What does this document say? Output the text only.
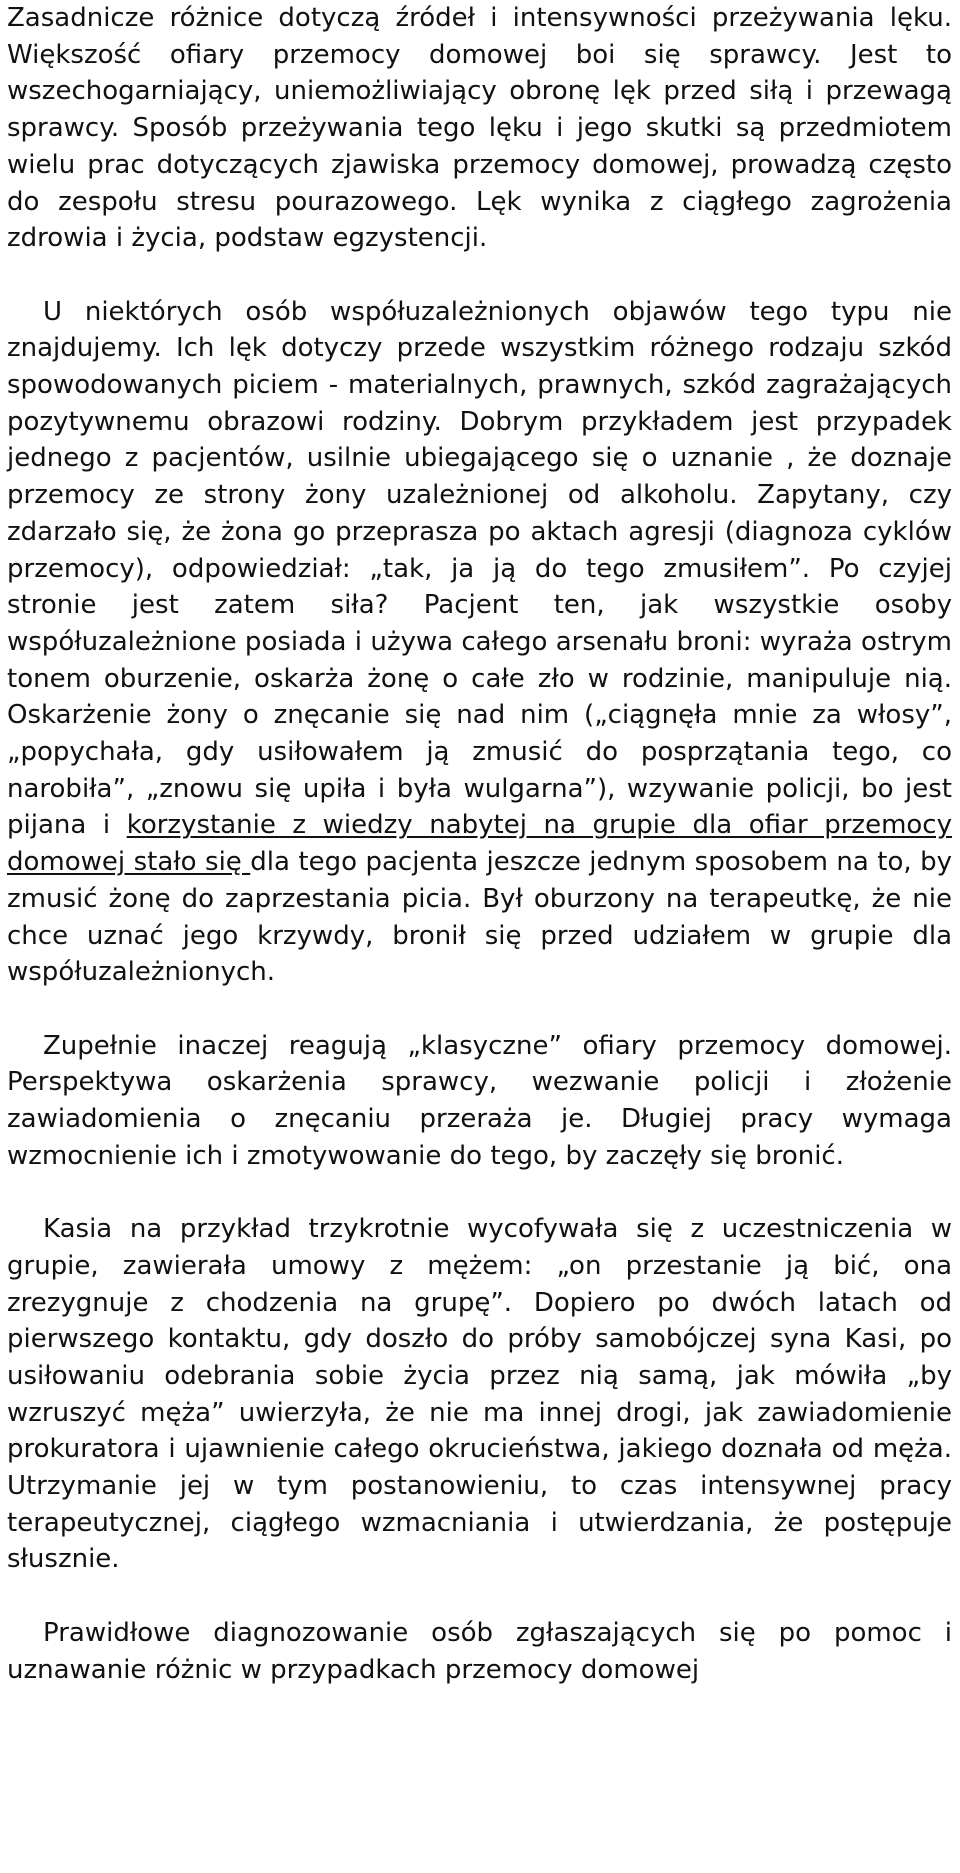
Zasadnicze różnice dotyczą źródeł i intensywności przeżywania lęku. Większość ofiary przemocy domowej boi się sprawcy. Jest to wszechogarniający, uniemożliwiający obronę lęk przed siłą i przewagą sprawcy. Sposób przeżywania tego lęku i jego skutki są przedmiotem wielu prac dotyczących zjawiska przemocy domowej, prowadzą często do zespołu stresu pourazowego. Lęk wynika z ciągłego zagrożenia zdrowia i życia, podstaw egzystencji.

U niektórych osób współuzależnionych objawów tego typu nie znajdujemy. Ich lęk dotyczy przede wszystkim różnego rodzaju szkód spowodowanych piciem - materialnych, prawnych, szkód zagrażających pozytywnemu obrazowi rodziny. Dobrym przykładem jest przypadek jednego z pacjentów, usilnie ubiegającego się o uznanie , że doznaje przemocy ze strony żony uzależnionej od alkoholu. Zapytany, czy zdarzało się, że żona go przeprasza po aktach agresji (diagnoza cyklów przemocy), odpowiedział: „tak, ja ją do tego zmusiłem”. Po czyjej stronie jest zatem siła? Pacjent ten, jak wszystkie osoby współuzależnione posiada i używa całego arsenału broni: wyraża ostrym tonem oburzenie, oskarża żonę o całe zło w rodzinie, manipuluje nią. Oskarżenie żony o znęcanie się nad nim („ciągnęła mnie za włosy”, „popychała, gdy usiłowałem ją zmusić do posprzątania tego, co narobiła”, „znowu się upiła i była wulgarna”), wzywanie policji, bo jest pijana i korzystanie z wiedzy nabytej na grupie dla ofiar przemocy domowej stało się dla tego pacjenta jeszcze jednym sposobem na to, by zmusić żonę do zaprzestania picia. Był oburzony na terapeutkę, że nie chce uznać jego krzywdy, bronił się przed udziałem w grupie dla współuzależnionych.

Zupełnie inaczej reagują „klasyczne” ofiary przemocy domowej. Perspektywa oskarżenia sprawcy, wezwanie policji i złożenie zawiadomienia o znęcaniu przeraża je. Długiej pracy wymaga wzmocnienie ich i zmotywowanie do tego, by zaczęły się bronić.

Kasia na przykład trzykrotnie wycofywała się z uczestniczenia w grupie, zawierała umowy z mężem: „on przestanie ją bić, ona zrezygnuje z chodzenia na grupę”. Dopiero po dwóch latach od pierwszego kontaktu, gdy doszło do próby samobójczej syna Kasi, po usiłowaniu odebrania sobie życia przez nią samą, jak mówiła „by wzruszyć męża” uwierzyła, że nie ma innej drogi, jak zawiadomienie prokuratora i ujawnienie całego okrucieństwa, jakiego doznała od męża. Utrzymanie jej w tym postanowieniu, to czas intensywnej pracy terapeutycznej, ciągłego wzmacniania i utwierdzania, że postępuje słusznie.

Prawidłowe diagnozowanie osób zgłaszających się po pomoc i uznawanie różnic w przypadkach przemocy domowej
